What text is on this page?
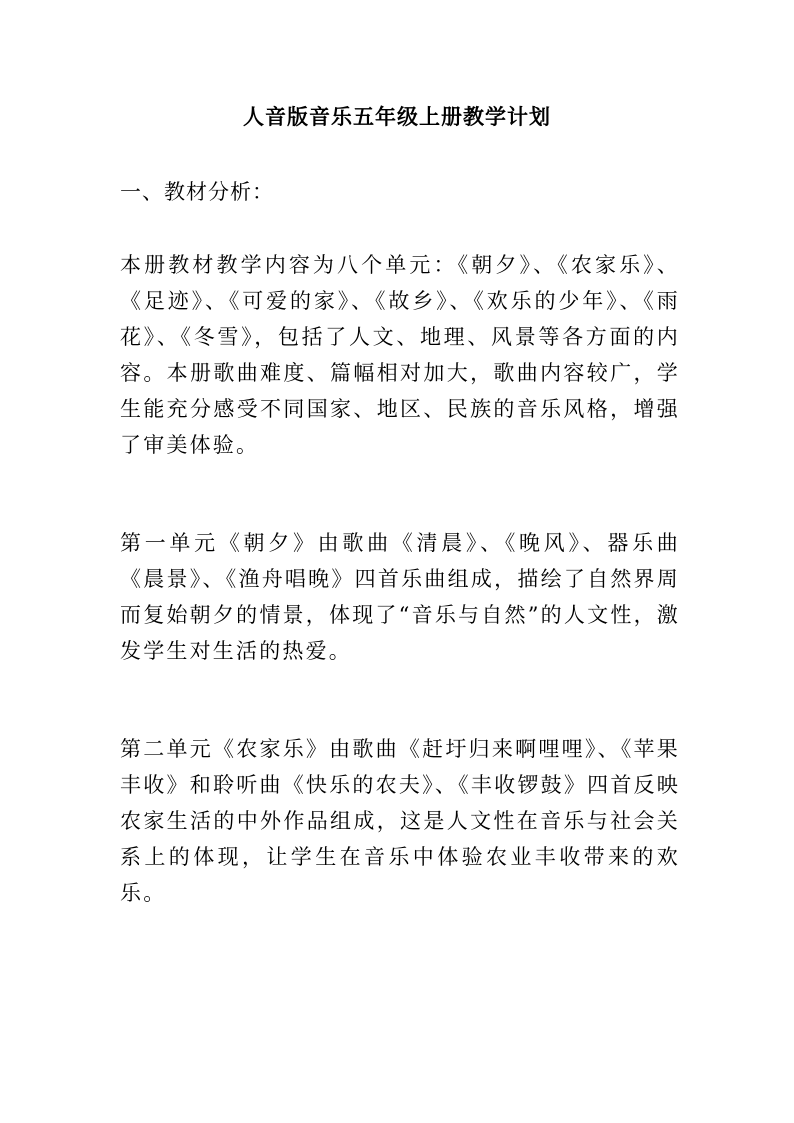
人音版音乐五年级上册教学计划
一、教材分析：
本册教材教学内容为八个单元：《朝夕》、《农家乐》、《足迹》、《可爱的家》、《故乡》、《欢乐的少年》、《雨花》、《冬雪》，包括了人文、地理、风景等各方面的内容。本册歌曲难度、篇幅相对加大，歌曲内容较广，学生能充分感受不同国家、地区、民族的音乐风格，增强了审美体验。
第一单元《朝夕》由歌曲《清晨》、《晚风》、器乐曲《晨景》、《渔舟唱晚》四首乐曲组成，描绘了自然界周而复始朝夕的情景，体现了“音乐与自然”的人文性，激发学生对生活的热爱。
第二单元《农家乐》由歌曲《赶圩归来啊哩哩》、《苹果丰收》和聆听曲《快乐的农夫》、《丰收锣鼓》四首反映农家生活的中外作品组成，这是人文性在音乐与社会关系上的体现，让学生在音乐中体验农业丰收带来的欢乐。
